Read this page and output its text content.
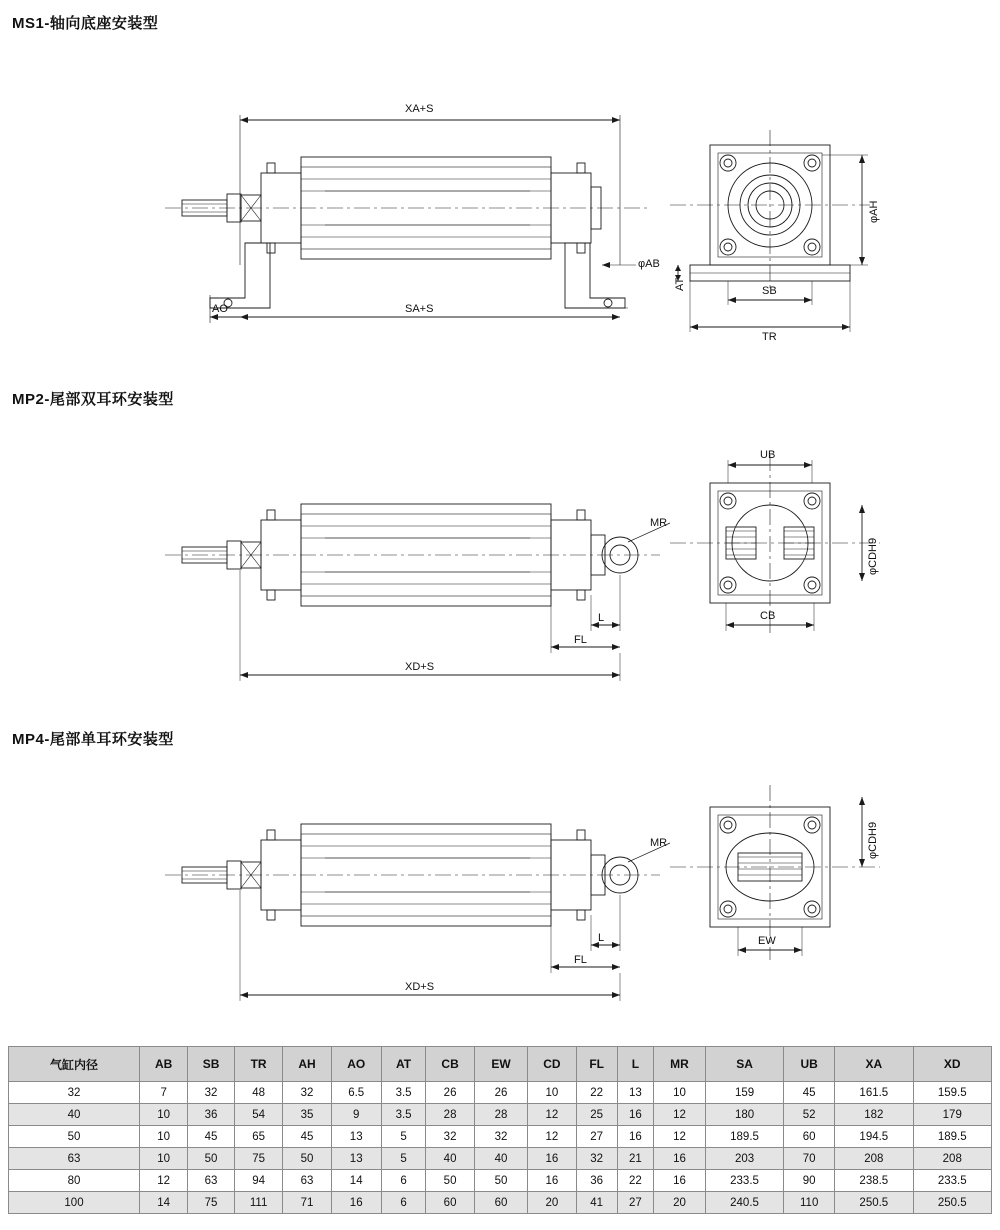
MS1-轴向底座安装型
MP2-尾部双耳环安装型
MP4-尾部单耳环安装型
XA+S
SA+S
AO
φAB
φAH
AT	SB
TR
MR
L
FL
XD+S
UB
φCDH9
CB
MR
L
FL
XD+S
φCDH9
EW
气缸内径	AB	SB	TR	AH	AO	AT	CB	EW	CD	FL	L	MR	SA	UB	XA	XD
32	7	32	48	32	6.5	3.5	26	26	10	22	13	10	159	45	161.5	159.5
40	10	36	54	35	9	3.5	28	28	12	25	16	12	180	52	182	179
50	10	45	65	45	13	5	32	32	12	27	16	12	189.5	60	194.5	189.5
63	10	50	75	50	13	5	40	40	16	32	21	16	203	70	208	208
80	12	63	94	63	14	6	50	50	16	36	22	16	233.5	90	238.5	233.5
100	14	75	111	71	16	6	60	60	20	41	27	20	240.5	110	250.5	250.5
